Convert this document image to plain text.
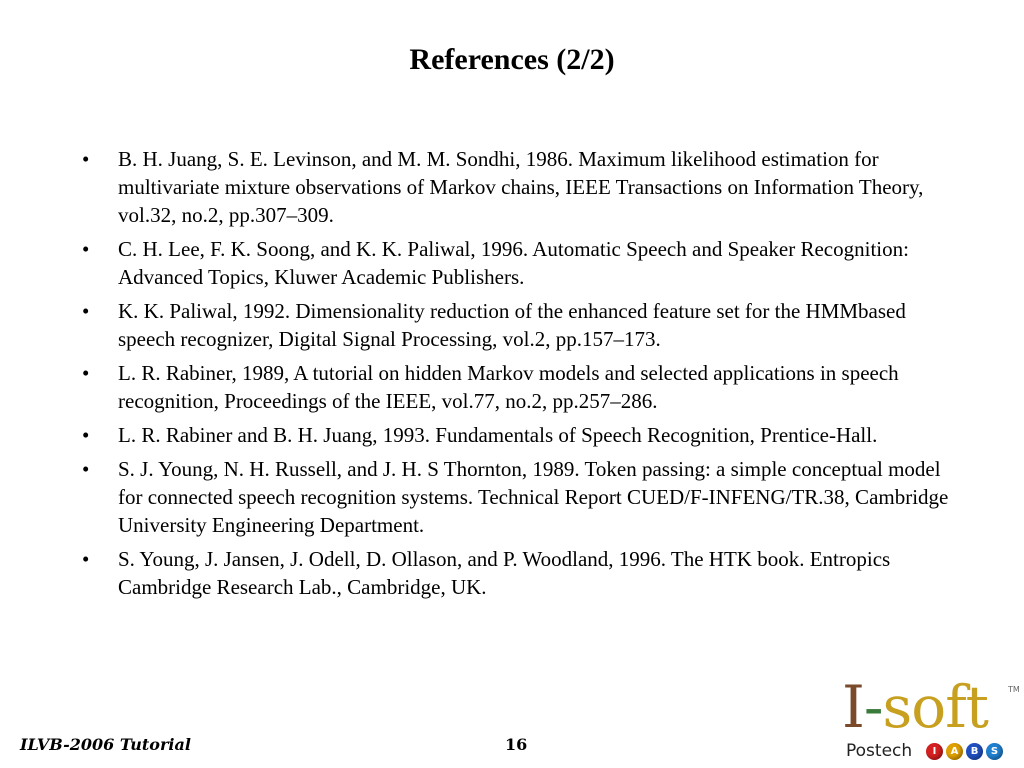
References (2/2)
• B. H. Juang, S. E. Levinson, and M. M. Sondhi, 1986. Maximum likelihood estimation for multivariate mixture observations of Markov chains, IEEE Transactions on Information Theory, vol.32, no.2, pp.307–309.
• C. H. Lee, F. K. Soong, and K. K. Paliwal, 1996. Automatic Speech and Speaker Recognition: Advanced Topics, Kluwer Academic Publishers.
• K. K. Paliwal, 1992. Dimensionality reduction of the enhanced feature set for the HMMbased speech recognizer, Digital Signal Processing, vol.2, pp.157–173.
• L. R. Rabiner, 1989, A tutorial on hidden Markov models and selected applications in speech recognition, Proceedings of the IEEE, vol.77, no.2, pp.257–286.
• L. R. Rabiner and B. H. Juang, 1993. Fundamentals of Speech Recognition, Prentice-Hall.
• S. J. Young, N. H. Russell, and J. H. S Thornton, 1989. Token passing: a simple conceptual model for connected speech recognition systems. Technical Report CUED/F-INFENG/TR.38, Cambridge University Engineering Department.
• S. Young, J. Jansen, J. Odell, D. Ollason, and P. Woodland, 1996. The HTK book. Entropics Cambridge Research Lab., Cambridge, UK.
ILVB-2006 Tutorial	16
I-soft	TM
Postech	I	A	B	S
